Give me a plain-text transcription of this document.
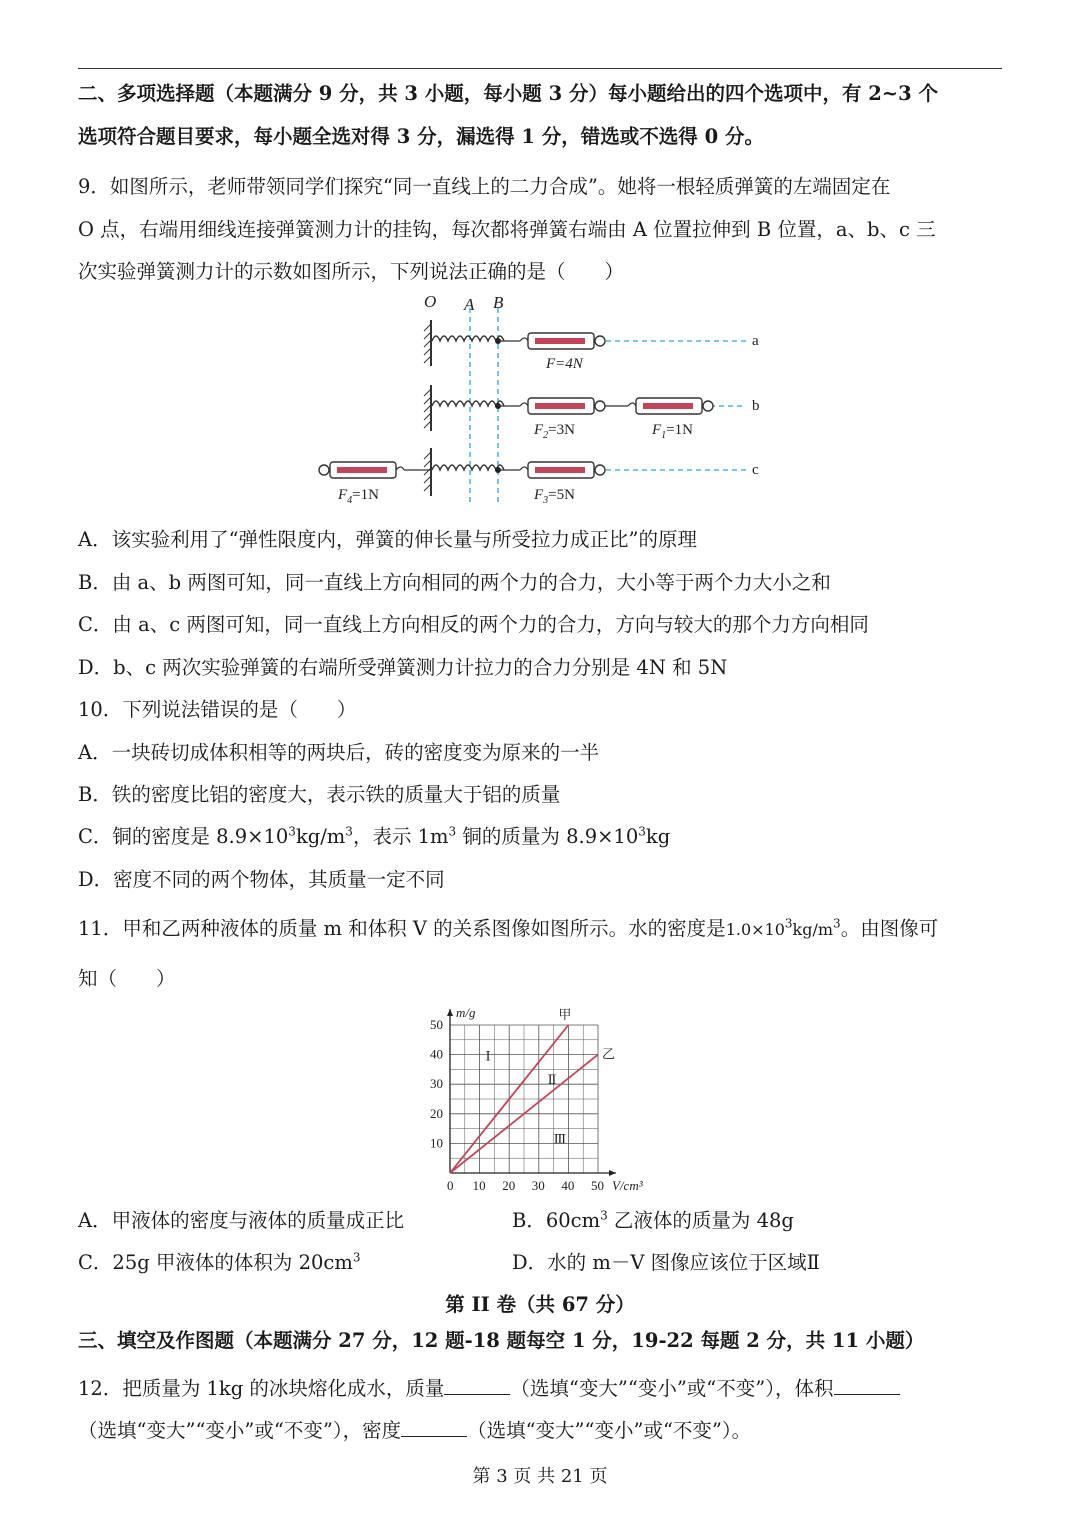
二、多项选择题（本题满分 9 分，共 3 小题，每小题 3 分）每小题给出的四个选项中，有 2~3 个
选项符合题目要求，每小题全选对得 3 分，漏选得 1 分，错选或不选得 0 分。
9．如图所示，老师带领同学们探究“同一直线上的二力合成”。她将一根轻质弹簧的左端固定在
O 点，右端用细线连接弹簧测力计的挂钩，每次都将弹簧右端由 A 位置拉伸到 B 位置，a、b、c 三
次实验弹簧测力计的示数如图所示，下列说法正确的是（　　）
O A B
F=4N
a
$F_2=3N$	$F_1=1N$
b
$F_4=1N$	$F_3=5N$
c
A．该实验利用了“弹性限度内，弹簧的伸长量与所受拉力成正比”的原理
B．由 a、b 两图可知，同一直线上方向相同的两个力的合力，大小等于两个力大小之和
C．由 a、c 两图可知，同一直线上方向相反的两个力的合力，方向与较大的那个力方向相同
D．b、c 两次实验弹簧的右端所受弹簧测力计拉力的合力分别是 4N 和 5N
10．下列说法错误的是（　　）
A．一块砖切成体积相等的两块后，砖的密度变为原来的一半
B．铁的密度比铝的密度大，表示铁的质量大于铝的质量
C．铜的密度是 $8.9\times 10^3kg/m^3$，表示 $1m^3$ 铜的质量为 $8.9\times 10^3kg$
D．密度不同的两个物体，其质量一定不同
11．甲和乙两种液体的质量 m 和体积 V 的关系图像如图所示。水的密度是$1.0\times 10^3kg/m^3$。由图像可
知（　　）
0 10 20 30 40 50
10
20
30
40
50
V/cm³
m/g	甲
乙
Ⅰ
Ⅱ
Ⅲ
A．甲液体的密度与液体的质量成正比	B．$60cm^3$ 乙液体的质量为 48g
C．25g 甲液体的体积为 $20cm^3$	D．水的 m－V 图像应该位于区域Ⅱ
第 II 卷（共 67 分）
三、填空及作图题（本题满分 27 分，12 题-18 题每空 1 分，19-22 每题 2 分，共 11 小题）
12．把质量为 1kg 的冰块熔化成水，质量	（选填“变大”“变小”或“不变”），体积
（选填“变大”“变小”或“不变”），密度	（选填“变大”“变小”或“不变”）。
第 3 页 共 21 页
